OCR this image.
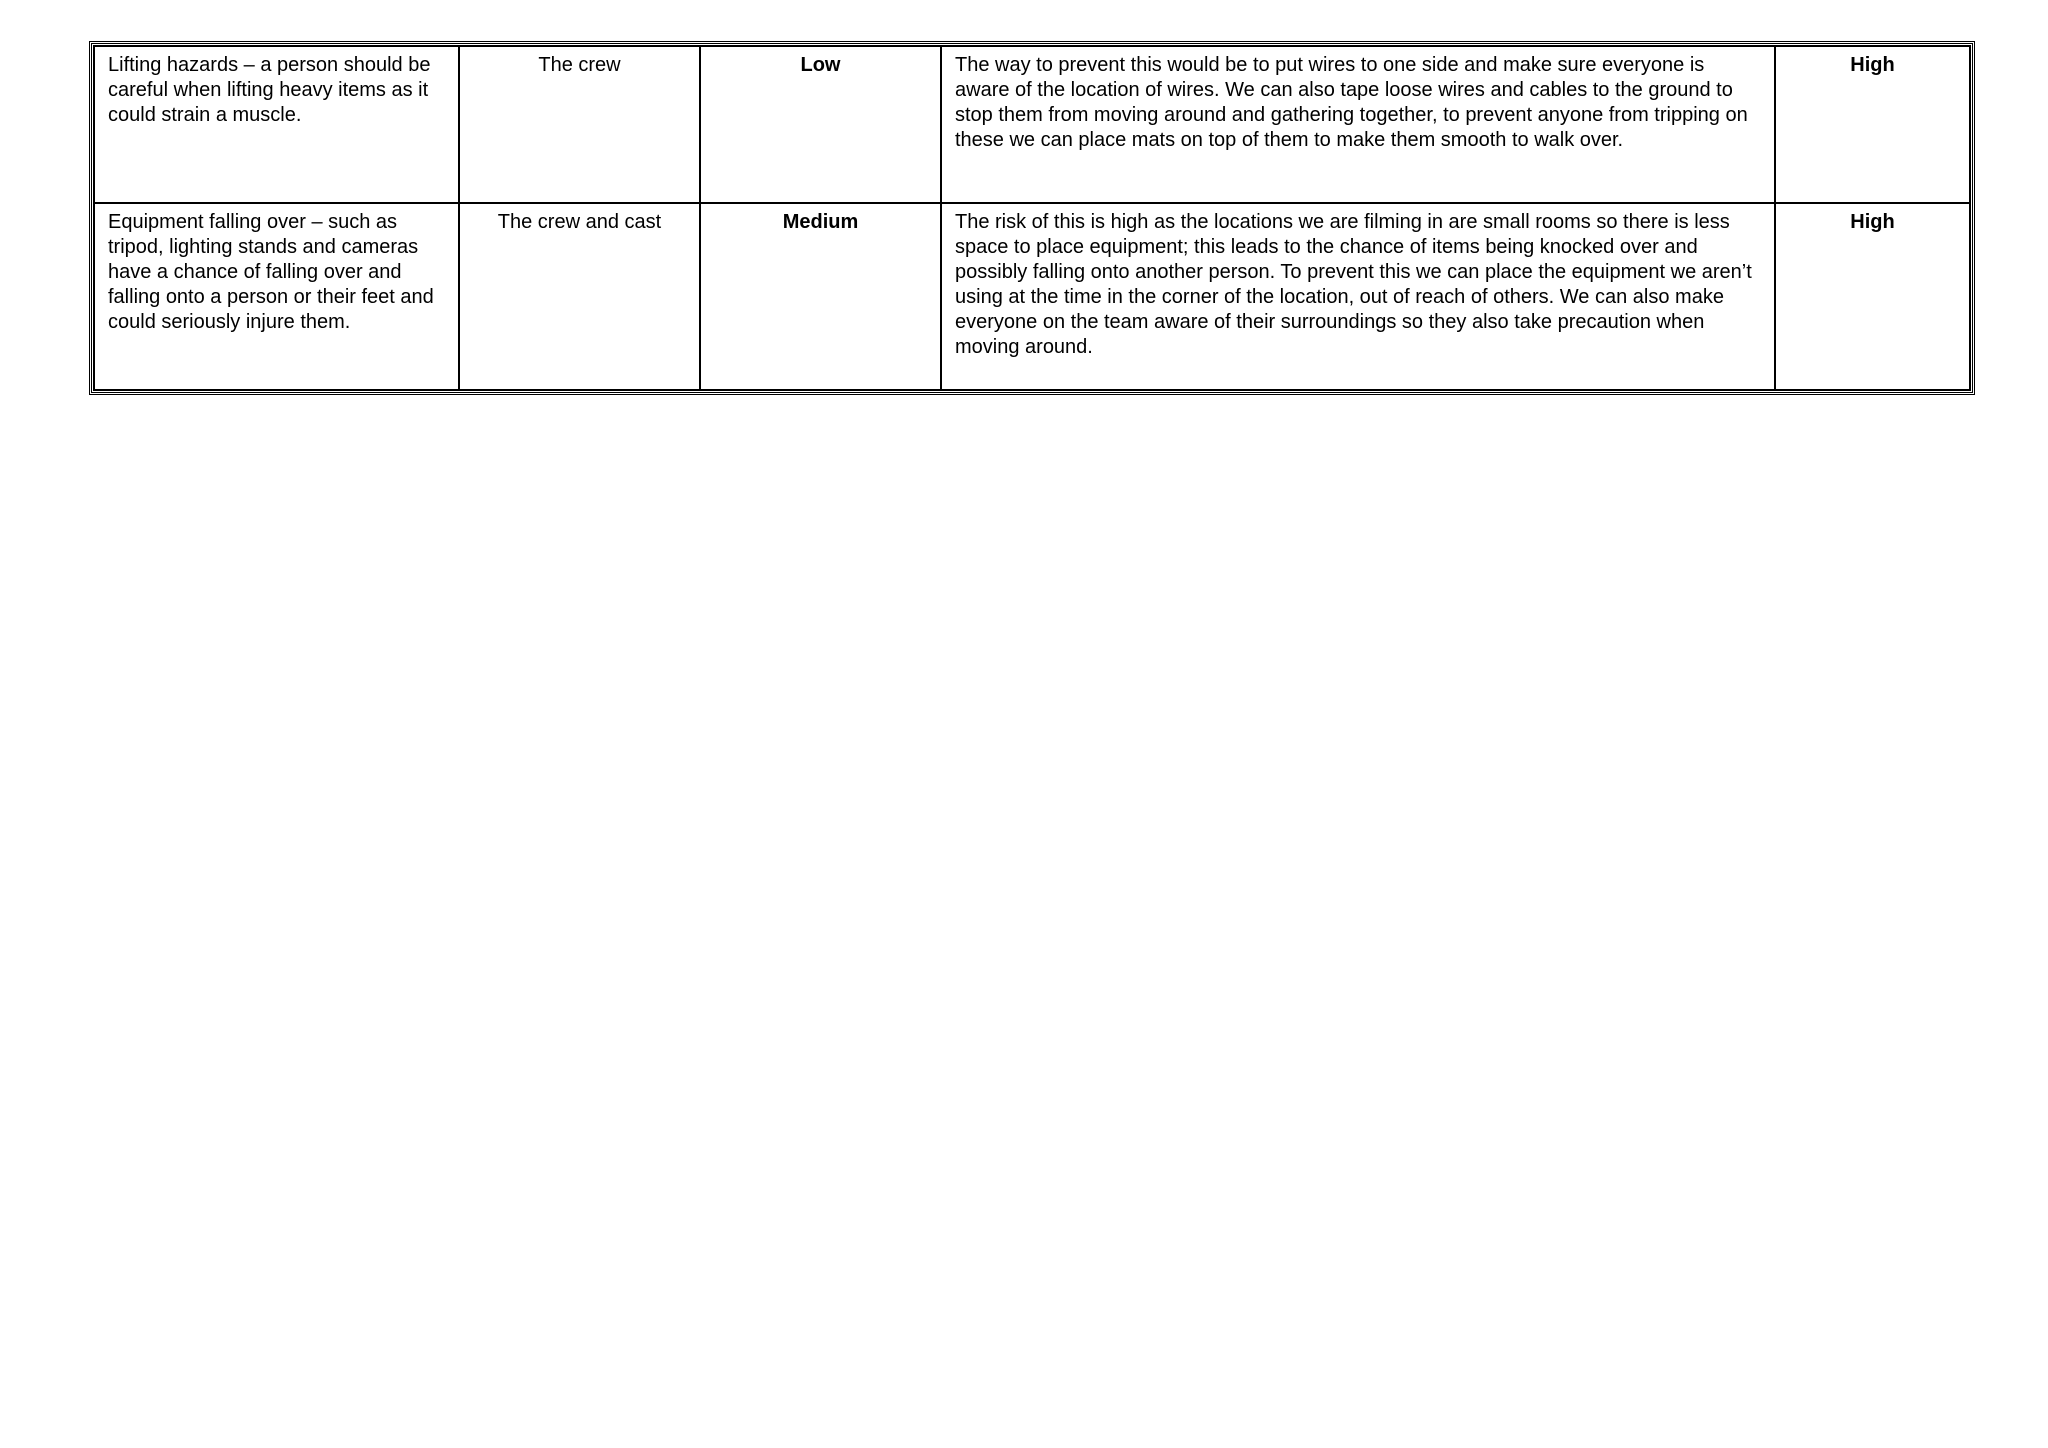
Lifting hazards – a person should be careful when lifting heavy items as it could strain a muscle.	The crew	Low	The way to prevent this would be to put wires to one side and make sure everyone is aware of the location of wires. We can also tape loose wires and cables to the ground to stop them from moving around and gathering together, to prevent anyone from tripping on these we can place mats on top of them to make them smooth to walk over.	High
Equipment falling over – such as tripod, lighting stands and cameras have a chance of falling over and falling onto a person or their feet and could seriously injure them.	The crew and cast	Medium	The risk of this is high as the locations we are filming in are small rooms so there is less space to place equipment; this leads to the chance of items being knocked over and possibly falling onto another person. To prevent this we can place the equipment we aren’t using at the time in the corner of the location, out of reach of others. We can also make everyone on the team aware of their surroundings so they also take precaution when moving around.	High
